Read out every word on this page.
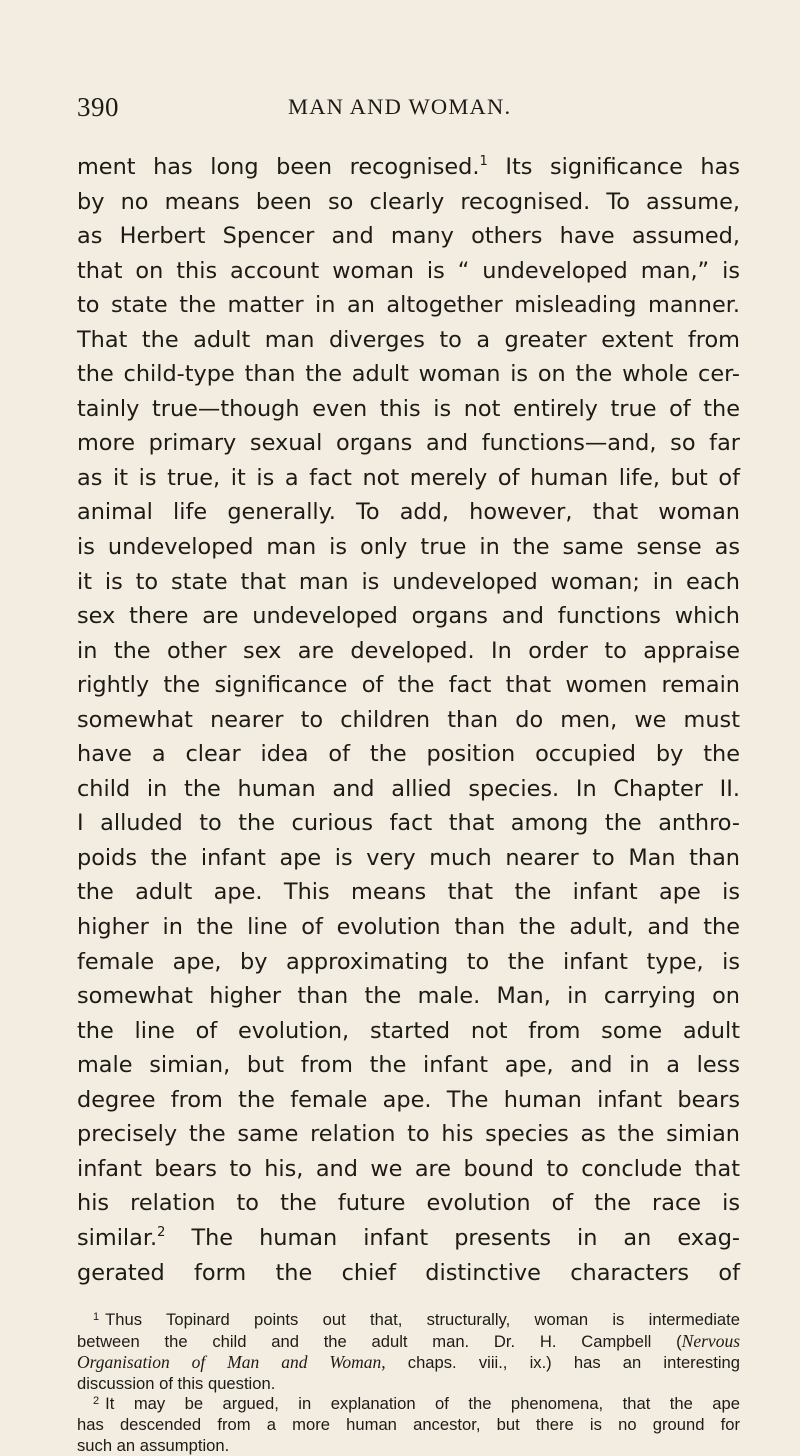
390	MAN AND WOMAN.
ment has long been recognised.$^1$ Its significance has
by no means been so clearly recognised. To assume,
as Herbert Spencer and many others have assumed,
that on this account woman is “ undeveloped man,” is
to state the matter in an altogether misleading manner.
That the adult man diverges to a greater extent from
the child-type than the adult woman is on the whole cer-
tainly true—though even this is not entirely true of the
more primary sexual organs and functions—and, so far
as it is true, it is a fact not merely of human life, but of
animal life generally. To add, however, that woman
is undeveloped man is only true in the same sense as
it is to state that man is undeveloped woman; in each
sex there are undeveloped organs and functions which
in the other sex are developed. In order to appraise
rightly the significance of the fact that women remain
somewhat nearer to children than do men, we must
have a clear idea of the position occupied by the
child in the human and allied species. In Chapter II.
I alluded to the curious fact that among the anthro-
poids the infant ape is very much nearer to Man than
the adult ape. This means that the infant ape is
higher in the line of evolution than the adult, and the
female ape, by approximating to the infant type, is
somewhat higher than the male. Man, in carrying on
the line of evolution, started not from some adult
male simian, but from the infant ape, and in a less
degree from the female ape. The human infant bears
precisely the same relation to his species as the simian
infant bears to his, and we are bound to conclude that
his relation to the future evolution of the race is
similar.$^2$ The human infant presents in an exag-
gerated form the chief distinctive characters of
$^1$ Thus Topinard points out that, structurally, woman is intermediate
between the child and the adult man. Dr. H. Campbell (Nervous
Organisation of Man and Woman, chaps. viii., ix.) has an interesting
discussion of this question.
$^2$ It may be argued, in explanation of the phenomena, that the ape
has descended from a more human ancestor, but there is no ground for
such an assumption.
